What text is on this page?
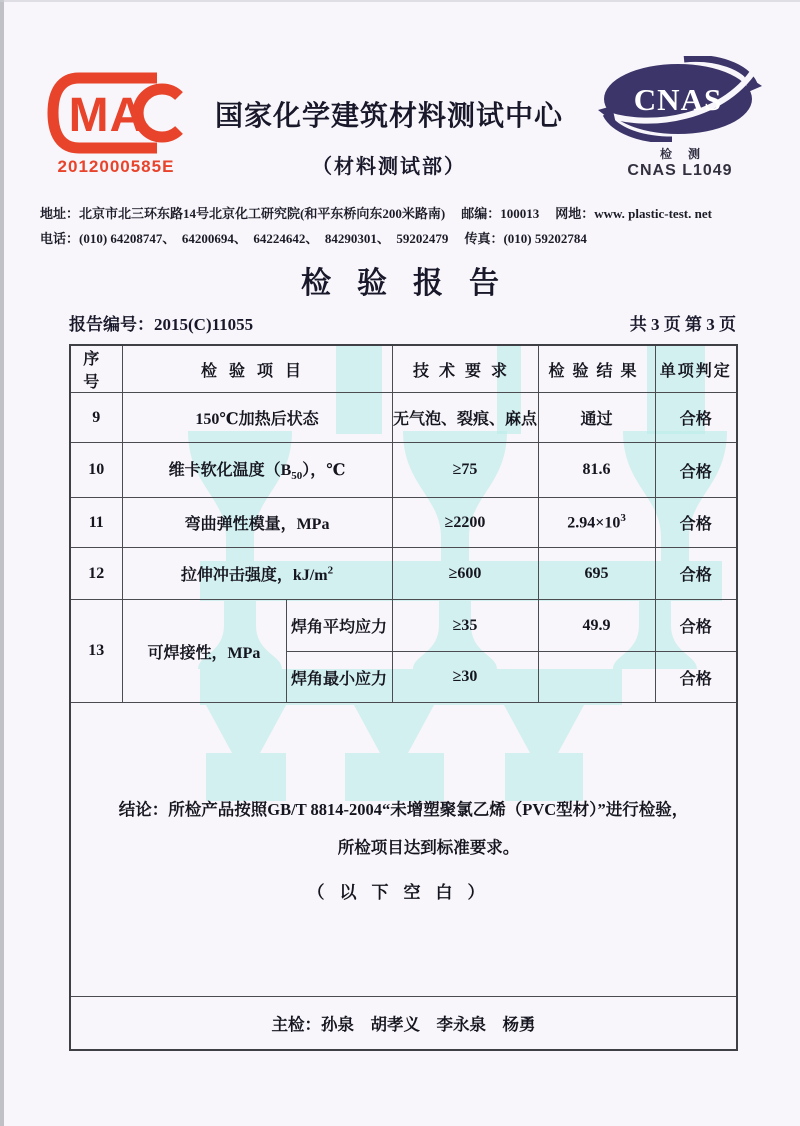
MA
2012000585E
国家化学建筑材料测试中心
（材料测试部）
CNAS
检测
CNAS L1049
地址：北京市北三环东路14号北京化工研究院(和平东桥向东200米路南) 邮编：100013 网地：www. plastic-test. net
电话：(010) 64208747、　64200694、　64224642、　84290301、　59202479 传真：(010) 59202784
检验报告
报告编号：2015(C)11055	共 3 页 第 3 页
序号	检验项目		技术要求	检验结果	单项判定
9	150℃加热后状态		无气泡、裂痕、麻点	通过	合格
10	维卡软化温度$(B_{50})$，℃		≥75	81.6	合格
11	弯曲弹性模量，MPa		≥2200	$2.94\times 10^3$	合格
12	拉伸冲击强度，$kJ/m^2$		≥600	695	合格
13	可焊接性，MPa	焊角平均应力	≥35	49.9	合格
		焊角最小应力	≥30		合格

结论：所检产品按照GB/T 8814-2004“未增塑聚氯乙烯（PVC型材）”进行检验，
所检项目达到标准要求。
（以下空白）					

主检：孙泉　胡孝义　李永泉　杨勇					
